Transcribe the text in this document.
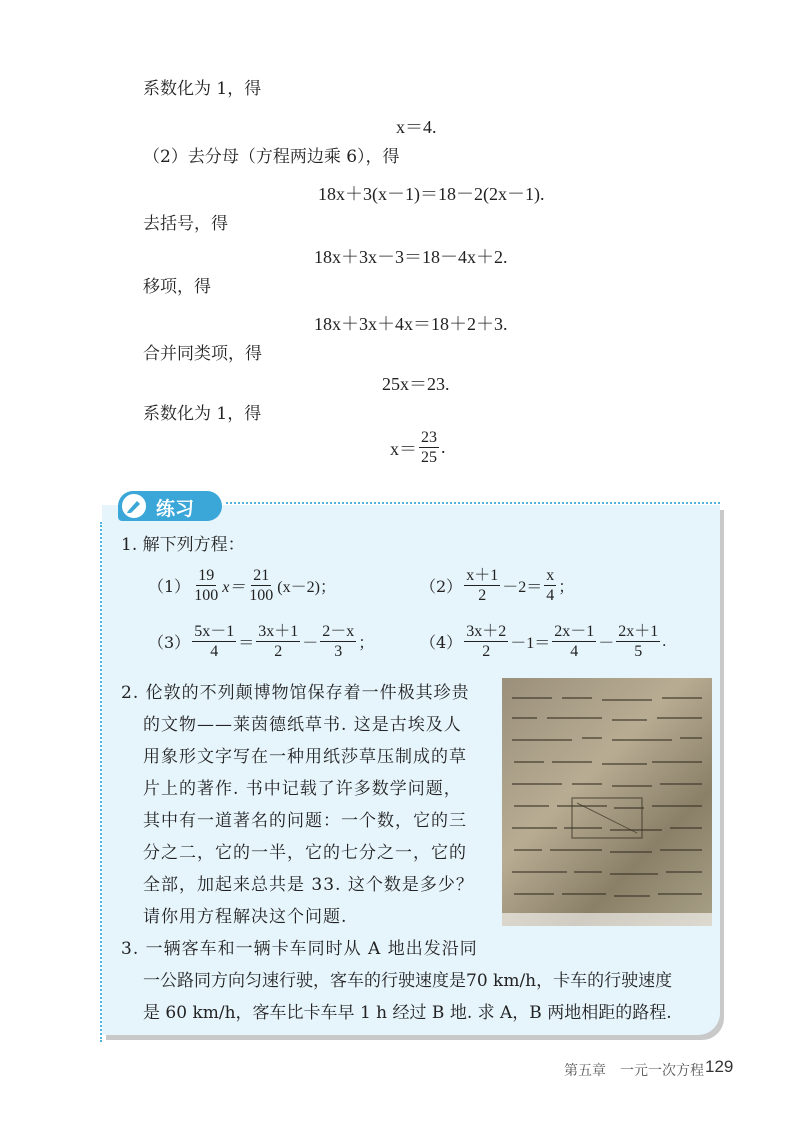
系数化为 1，得
x＝4.
（2）去分母（方程两边乘 6），得
18x＋3(x－1)＝18－2(2x－1).
去括号，得
18x＋3x－3＝18－4x＋2.
移项，得
18x＋3x＋4x＝18＋2＋3.
合并同类项，得
25x＝23.
系数化为 1，得
$x= \frac{23}{25}$ .
练习
1. 解下列方程：
$(1) \frac{19}{100} x= \frac{21}{100} (x-2)$；	$(2) \frac{x+1}{2} -2= \frac{x}{4}$ ；
$(3) \frac{5x-1}{4} = \frac{3x+1}{2} - \frac{2-x}{3}$ ；	$(4) \frac{3x+2}{2} -1= \frac{2x-1}{4} - \frac{2x+1}{5}$ .
2. 伦敦的不列颠博物馆保存着一件极其珍贵
的文物——莱茵德纸草书. 这是古埃及人
用象形文字写在一种用纸莎草压制成的草
片上的著作. 书中记载了许多数学问题，
其中有一道著名的问题：一个数，它的三
分之二，它的一半，它的七分之一，它的
全部，加起来总共是 33. 这个数是多少？
请你用方程解决这个问题.
3. 一辆客车和一辆卡车同时从 A 地出发沿同
一公路同方向匀速行驶，客车的行驶速度是70 km/h，卡车的行驶速度
是 60 km/h，客车比卡车早 1 h 经过 B 地. 求 A，B 两地相距的路程.
第五章　一元一次方程 129
